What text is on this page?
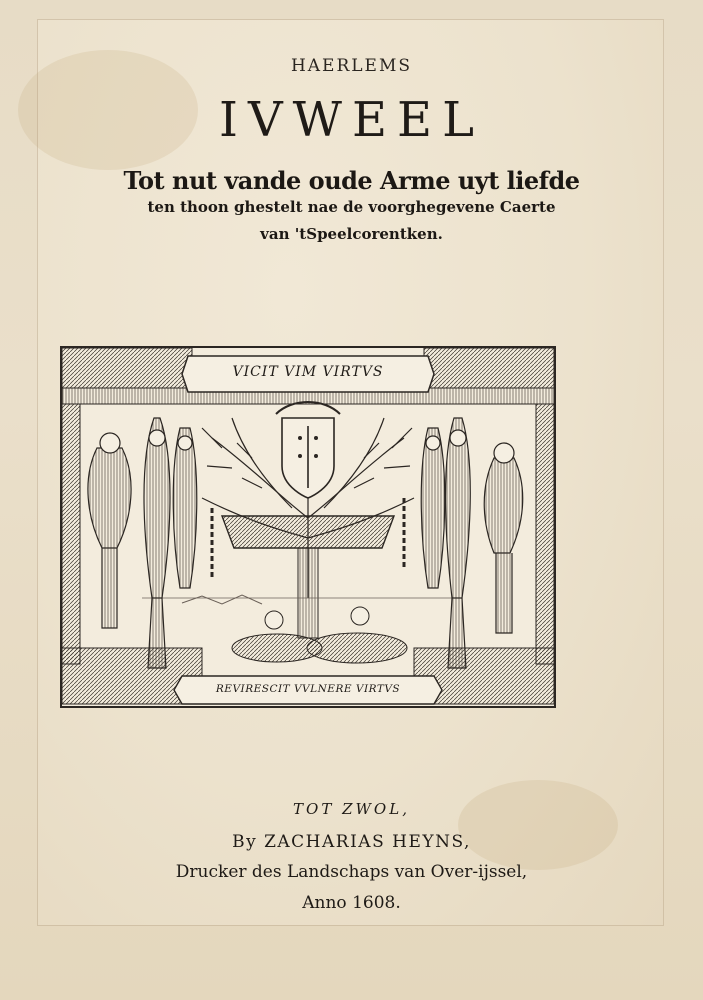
HAERLEMS
IVWEEL
Tot nut vande oude Arme uyt liefde
ten thoon ghestelt nae de voorghegevene Caerte
van 'tSpeelcorentken.
VICIT VIM VIRTVS
REVIRESCIT VVLNERE VIRTVS
TOT ZWOL,
By ZACHARIAS HEYNS,
Drucker des Landschaps van Over-ijssel,
Anno 1608.
